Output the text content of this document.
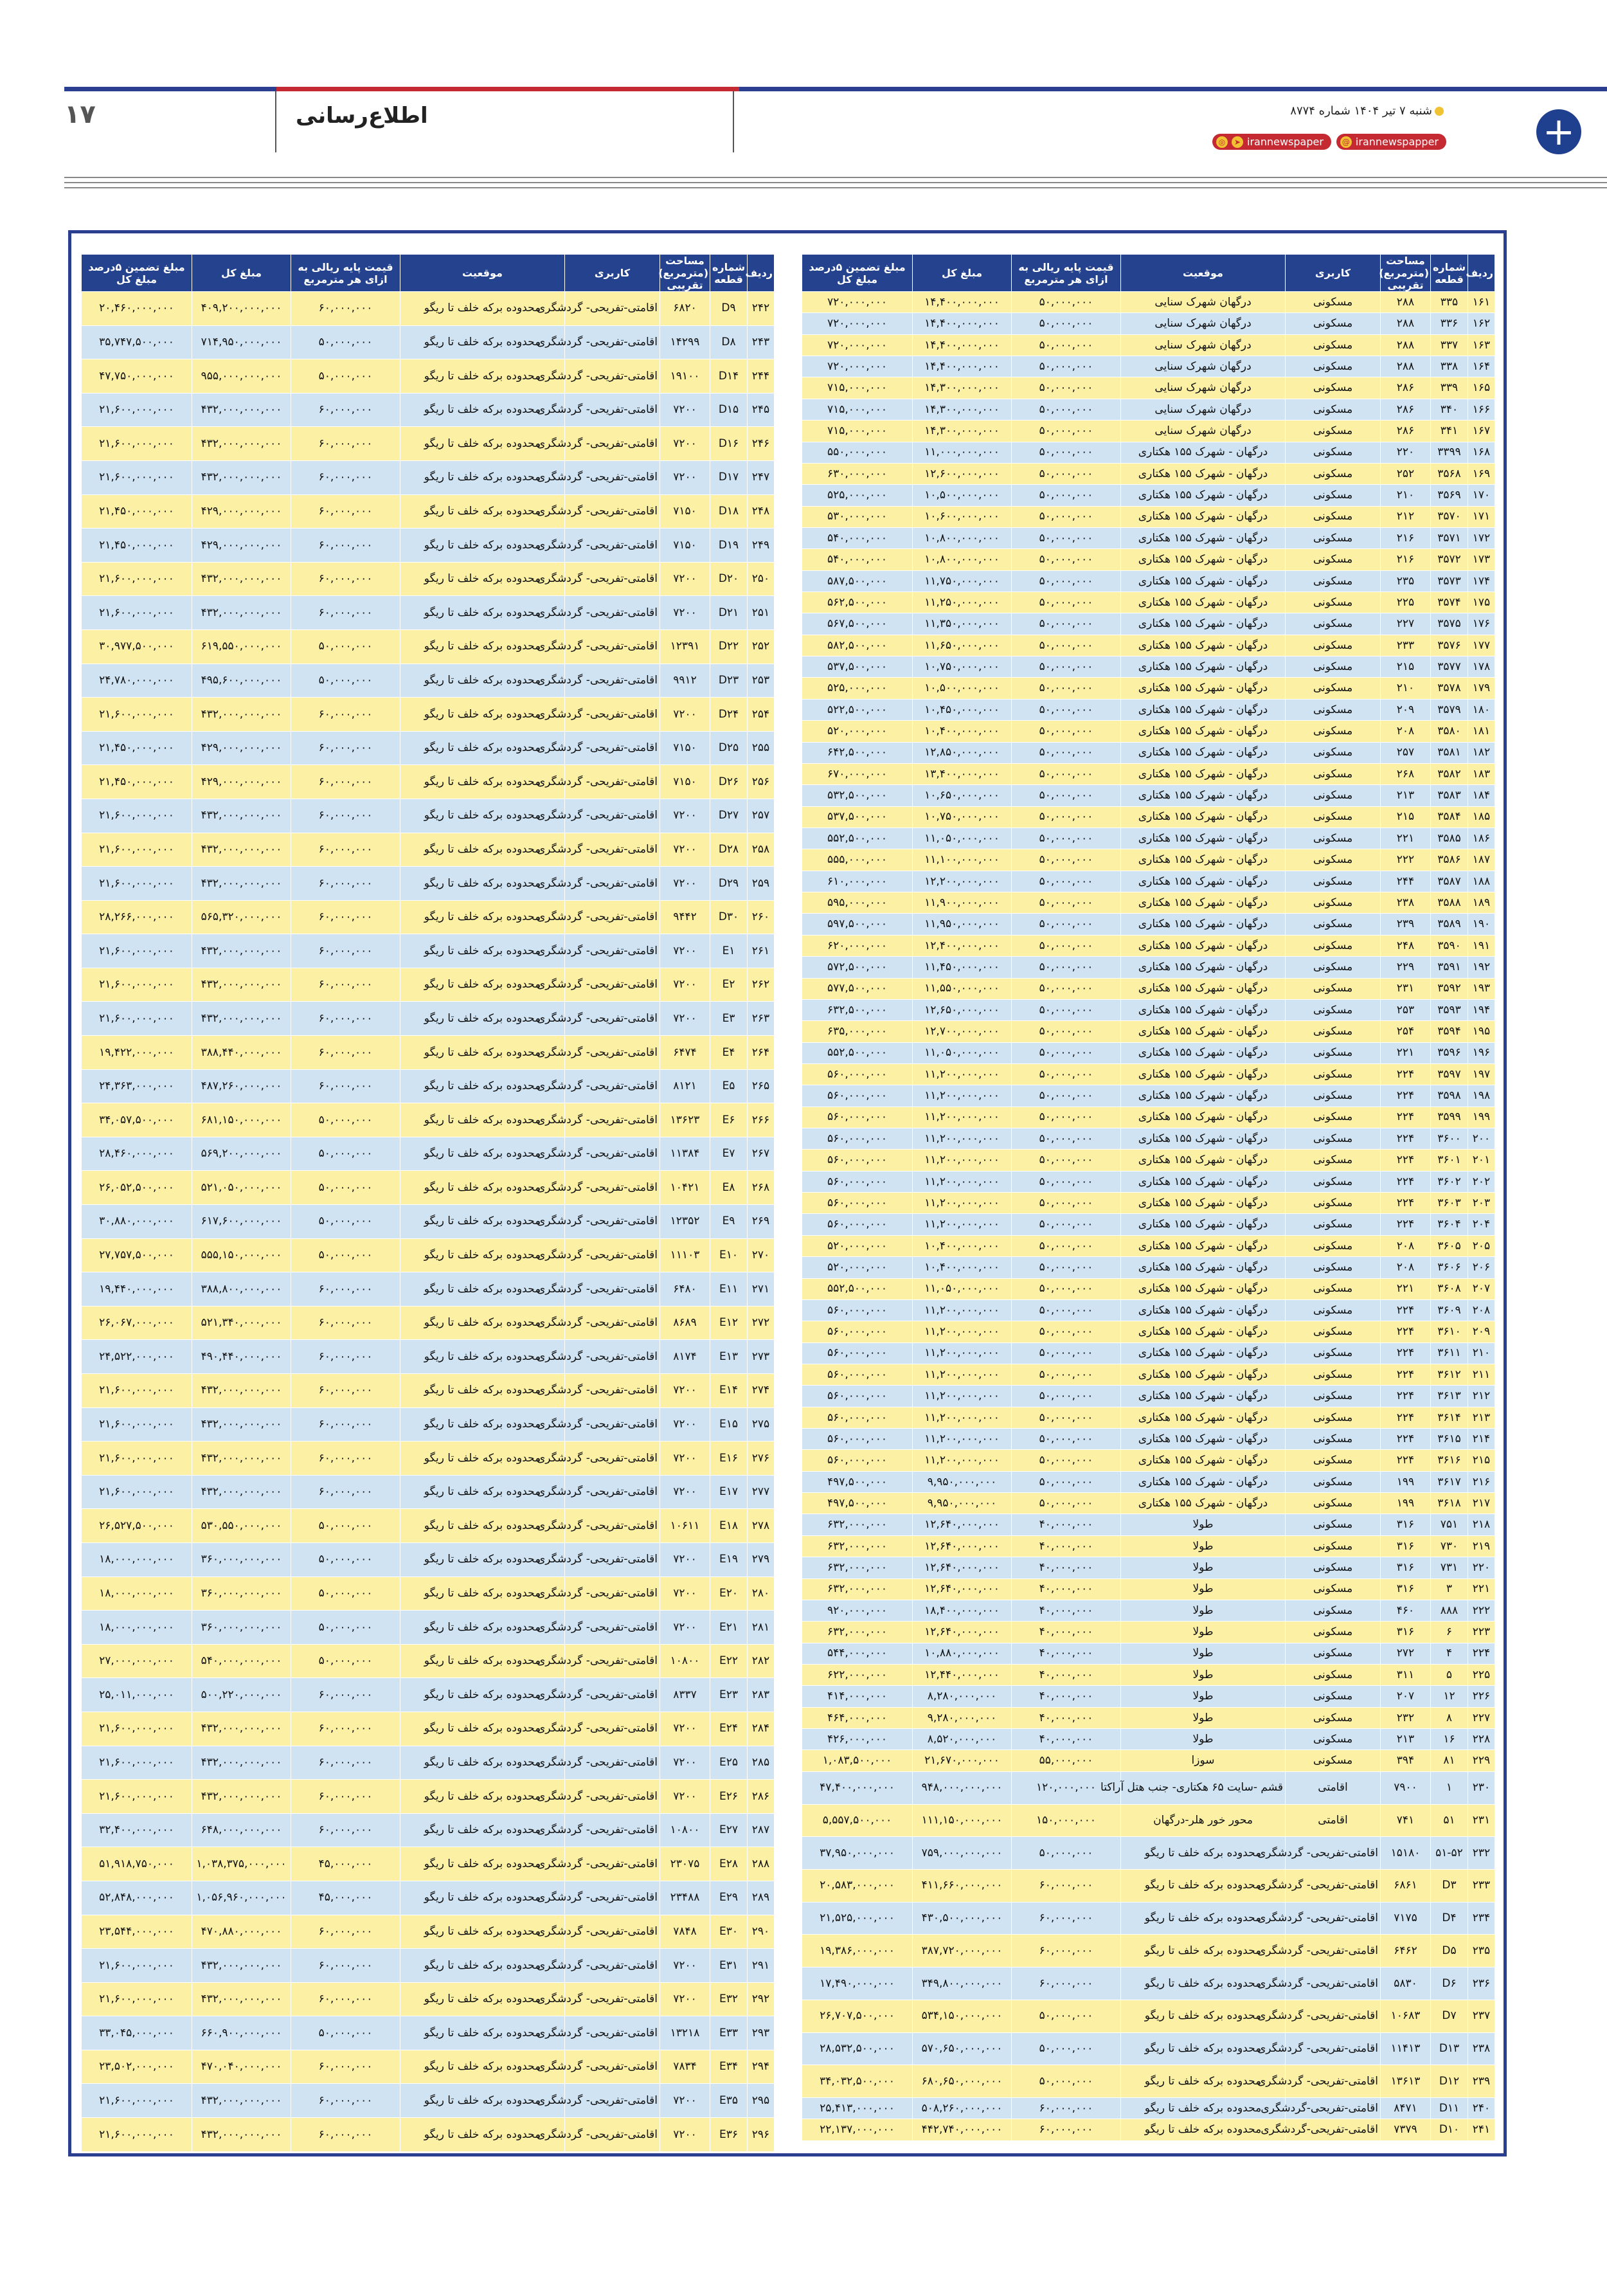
+
شنبه ۷ تیر ۱۴۰۴ شماره ۸۷۷۴
◎	➤ irannewspaper @ irannewspapper
اطلاع‌رسانی
۱۷
ردیف	شماره قطعه	مساحت (مترمربع) تقریبی	کاربری	موقعیت	قیمت پایه ریالی به ازای هر مترمربع	مبلغ کل	مبلغ تضمین ۵درصد مبلغ کل
۱۶۱	۳۳۵	۲۸۸	مسکونی	درگهان شهرک سنایی	۵۰,۰۰۰,۰۰۰	۱۴,۴۰۰,۰۰۰,۰۰۰	۷۲۰,۰۰۰,۰۰۰
۱۶۲	۳۳۶	۲۸۸	مسکونی	درگهان شهرک سنایی	۵۰,۰۰۰,۰۰۰	۱۴,۴۰۰,۰۰۰,۰۰۰	۷۲۰,۰۰۰,۰۰۰
۱۶۳	۳۳۷	۲۸۸	مسکونی	درگهان شهرک سنایی	۵۰,۰۰۰,۰۰۰	۱۴,۴۰۰,۰۰۰,۰۰۰	۷۲۰,۰۰۰,۰۰۰
۱۶۴	۳۳۸	۲۸۸	مسکونی	درگهان شهرک سنایی	۵۰,۰۰۰,۰۰۰	۱۴,۴۰۰,۰۰۰,۰۰۰	۷۲۰,۰۰۰,۰۰۰
۱۶۵	۳۳۹	۲۸۶	مسکونی	درگهان شهرک سنایی	۵۰,۰۰۰,۰۰۰	۱۴,۳۰۰,۰۰۰,۰۰۰	۷۱۵,۰۰۰,۰۰۰
۱۶۶	۳۴۰	۲۸۶	مسکونی	درگهان شهرک سنایی	۵۰,۰۰۰,۰۰۰	۱۴,۳۰۰,۰۰۰,۰۰۰	۷۱۵,۰۰۰,۰۰۰
۱۶۷	۳۴۱	۲۸۶	مسکونی	درگهان شهرک سنایی	۵۰,۰۰۰,۰۰۰	۱۴,۳۰۰,۰۰۰,۰۰۰	۷۱۵,۰۰۰,۰۰۰
۱۶۸	۳۳۹۹	۲۲۰	مسکونی	درگهان - شهرک ۱۵۵ هکتاری	۵۰,۰۰۰,۰۰۰	۱۱,۰۰۰,۰۰۰,۰۰۰	۵۵۰,۰۰۰,۰۰۰
۱۶۹	۳۵۶۸	۲۵۲	مسکونی	درگهان - شهرک ۱۵۵ هکتاری	۵۰,۰۰۰,۰۰۰	۱۲,۶۰۰,۰۰۰,۰۰۰	۶۳۰,۰۰۰,۰۰۰
۱۷۰	۳۵۶۹	۲۱۰	مسکونی	درگهان - شهرک ۱۵۵ هکتاری	۵۰,۰۰۰,۰۰۰	۱۰,۵۰۰,۰۰۰,۰۰۰	۵۲۵,۰۰۰,۰۰۰
۱۷۱	۳۵۷۰	۲۱۲	مسکونی	درگهان - شهرک ۱۵۵ هکتاری	۵۰,۰۰۰,۰۰۰	۱۰,۶۰۰,۰۰۰,۰۰۰	۵۳۰,۰۰۰,۰۰۰
۱۷۲	۳۵۷۱	۲۱۶	مسکونی	درگهان - شهرک ۱۵۵ هکتاری	۵۰,۰۰۰,۰۰۰	۱۰,۸۰۰,۰۰۰,۰۰۰	۵۴۰,۰۰۰,۰۰۰
۱۷۳	۳۵۷۲	۲۱۶	مسکونی	درگهان - شهرک ۱۵۵ هکتاری	۵۰,۰۰۰,۰۰۰	۱۰,۸۰۰,۰۰۰,۰۰۰	۵۴۰,۰۰۰,۰۰۰
۱۷۴	۳۵۷۳	۲۳۵	مسکونی	درگهان - شهرک ۱۵۵ هکتاری	۵۰,۰۰۰,۰۰۰	۱۱,۷۵۰,۰۰۰,۰۰۰	۵۸۷,۵۰۰,۰۰۰
۱۷۵	۳۵۷۴	۲۲۵	مسکونی	درگهان - شهرک ۱۵۵ هکتاری	۵۰,۰۰۰,۰۰۰	۱۱,۲۵۰,۰۰۰,۰۰۰	۵۶۲,۵۰۰,۰۰۰
۱۷۶	۳۵۷۵	۲۲۷	مسکونی	درگهان - شهرک ۱۵۵ هکتاری	۵۰,۰۰۰,۰۰۰	۱۱,۳۵۰,۰۰۰,۰۰۰	۵۶۷,۵۰۰,۰۰۰
۱۷۷	۳۵۷۶	۲۳۳	مسکونی	درگهان - شهرک ۱۵۵ هکتاری	۵۰,۰۰۰,۰۰۰	۱۱,۶۵۰,۰۰۰,۰۰۰	۵۸۲,۵۰۰,۰۰۰
۱۷۸	۳۵۷۷	۲۱۵	مسکونی	درگهان - شهرک ۱۵۵ هکتاری	۵۰,۰۰۰,۰۰۰	۱۰,۷۵۰,۰۰۰,۰۰۰	۵۳۷,۵۰۰,۰۰۰
۱۷۹	۳۵۷۸	۲۱۰	مسکونی	درگهان - شهرک ۱۵۵ هکتاری	۵۰,۰۰۰,۰۰۰	۱۰,۵۰۰,۰۰۰,۰۰۰	۵۲۵,۰۰۰,۰۰۰
۱۸۰	۳۵۷۹	۲۰۹	مسکونی	درگهان - شهرک ۱۵۵ هکتاری	۵۰,۰۰۰,۰۰۰	۱۰,۴۵۰,۰۰۰,۰۰۰	۵۲۲,۵۰۰,۰۰۰
۱۸۱	۳۵۸۰	۲۰۸	مسکونی	درگهان - شهرک ۱۵۵ هکتاری	۵۰,۰۰۰,۰۰۰	۱۰,۴۰۰,۰۰۰,۰۰۰	۵۲۰,۰۰۰,۰۰۰
۱۸۲	۳۵۸۱	۲۵۷	مسکونی	درگهان - شهرک ۱۵۵ هکتاری	۵۰,۰۰۰,۰۰۰	۱۲,۸۵۰,۰۰۰,۰۰۰	۶۴۲,۵۰۰,۰۰۰
۱۸۳	۳۵۸۲	۲۶۸	مسکونی	درگهان - شهرک ۱۵۵ هکتاری	۵۰,۰۰۰,۰۰۰	۱۳,۴۰۰,۰۰۰,۰۰۰	۶۷۰,۰۰۰,۰۰۰
۱۸۴	۳۵۸۳	۲۱۳	مسکونی	درگهان - شهرک ۱۵۵ هکتاری	۵۰,۰۰۰,۰۰۰	۱۰,۶۵۰,۰۰۰,۰۰۰	۵۳۲,۵۰۰,۰۰۰
۱۸۵	۳۵۸۴	۲۱۵	مسکونی	درگهان - شهرک ۱۵۵ هکتاری	۵۰,۰۰۰,۰۰۰	۱۰,۷۵۰,۰۰۰,۰۰۰	۵۳۷,۵۰۰,۰۰۰
۱۸۶	۳۵۸۵	۲۲۱	مسکونی	درگهان - شهرک ۱۵۵ هکتاری	۵۰,۰۰۰,۰۰۰	۱۱,۰۵۰,۰۰۰,۰۰۰	۵۵۲,۵۰۰,۰۰۰
۱۸۷	۳۵۸۶	۲۲۲	مسکونی	درگهان - شهرک ۱۵۵ هکتاری	۵۰,۰۰۰,۰۰۰	۱۱,۱۰۰,۰۰۰,۰۰۰	۵۵۵,۰۰۰,۰۰۰
۱۸۸	۳۵۸۷	۲۴۴	مسکونی	درگهان - شهرک ۱۵۵ هکتاری	۵۰,۰۰۰,۰۰۰	۱۲,۲۰۰,۰۰۰,۰۰۰	۶۱۰,۰۰۰,۰۰۰
۱۸۹	۳۵۸۸	۲۳۸	مسکونی	درگهان - شهرک ۱۵۵ هکتاری	۵۰,۰۰۰,۰۰۰	۱۱,۹۰۰,۰۰۰,۰۰۰	۵۹۵,۰۰۰,۰۰۰
۱۹۰	۳۵۸۹	۲۳۹	مسکونی	درگهان - شهرک ۱۵۵ هکتاری	۵۰,۰۰۰,۰۰۰	۱۱,۹۵۰,۰۰۰,۰۰۰	۵۹۷,۵۰۰,۰۰۰
۱۹۱	۳۵۹۰	۲۴۸	مسکونی	درگهان - شهرک ۱۵۵ هکتاری	۵۰,۰۰۰,۰۰۰	۱۲,۴۰۰,۰۰۰,۰۰۰	۶۲۰,۰۰۰,۰۰۰
۱۹۲	۳۵۹۱	۲۲۹	مسکونی	درگهان - شهرک ۱۵۵ هکتاری	۵۰,۰۰۰,۰۰۰	۱۱,۴۵۰,۰۰۰,۰۰۰	۵۷۲,۵۰۰,۰۰۰
۱۹۳	۳۵۹۲	۲۳۱	مسکونی	درگهان - شهرک ۱۵۵ هکتاری	۵۰,۰۰۰,۰۰۰	۱۱,۵۵۰,۰۰۰,۰۰۰	۵۷۷,۵۰۰,۰۰۰
۱۹۴	۳۵۹۳	۲۵۳	مسکونی	درگهان - شهرک ۱۵۵ هکتاری	۵۰,۰۰۰,۰۰۰	۱۲,۶۵۰,۰۰۰,۰۰۰	۶۳۲,۵۰۰,۰۰۰
۱۹۵	۳۵۹۴	۲۵۴	مسکونی	درگهان - شهرک ۱۵۵ هکتاری	۵۰,۰۰۰,۰۰۰	۱۲,۷۰۰,۰۰۰,۰۰۰	۶۳۵,۰۰۰,۰۰۰
۱۹۶	۳۵۹۶	۲۲۱	مسکونی	درگهان - شهرک ۱۵۵ هکتاری	۵۰,۰۰۰,۰۰۰	۱۱,۰۵۰,۰۰۰,۰۰۰	۵۵۲,۵۰۰,۰۰۰
۱۹۷	۳۵۹۷	۲۲۴	مسکونی	درگهان - شهرک ۱۵۵ هکتاری	۵۰,۰۰۰,۰۰۰	۱۱,۲۰۰,۰۰۰,۰۰۰	۵۶۰,۰۰۰,۰۰۰
۱۹۸	۳۵۹۸	۲۲۴	مسکونی	درگهان - شهرک ۱۵۵ هکتاری	۵۰,۰۰۰,۰۰۰	۱۱,۲۰۰,۰۰۰,۰۰۰	۵۶۰,۰۰۰,۰۰۰
۱۹۹	۳۵۹۹	۲۲۴	مسکونی	درگهان - شهرک ۱۵۵ هکتاری	۵۰,۰۰۰,۰۰۰	۱۱,۲۰۰,۰۰۰,۰۰۰	۵۶۰,۰۰۰,۰۰۰
۲۰۰	۳۶۰۰	۲۲۴	مسکونی	درگهان - شهرک ۱۵۵ هکتاری	۵۰,۰۰۰,۰۰۰	۱۱,۲۰۰,۰۰۰,۰۰۰	۵۶۰,۰۰۰,۰۰۰
۲۰۱	۳۶۰۱	۲۲۴	مسکونی	درگهان - شهرک ۱۵۵ هکتاری	۵۰,۰۰۰,۰۰۰	۱۱,۲۰۰,۰۰۰,۰۰۰	۵۶۰,۰۰۰,۰۰۰
۲۰۲	۳۶۰۲	۲۲۴	مسکونی	درگهان - شهرک ۱۵۵ هکتاری	۵۰,۰۰۰,۰۰۰	۱۱,۲۰۰,۰۰۰,۰۰۰	۵۶۰,۰۰۰,۰۰۰
۲۰۳	۳۶۰۳	۲۲۴	مسکونی	درگهان - شهرک ۱۵۵ هکتاری	۵۰,۰۰۰,۰۰۰	۱۱,۲۰۰,۰۰۰,۰۰۰	۵۶۰,۰۰۰,۰۰۰
۲۰۴	۳۶۰۴	۲۲۴	مسکونی	درگهان - شهرک ۱۵۵ هکتاری	۵۰,۰۰۰,۰۰۰	۱۱,۲۰۰,۰۰۰,۰۰۰	۵۶۰,۰۰۰,۰۰۰
۲۰۵	۳۶۰۵	۲۰۸	مسکونی	درگهان - شهرک ۱۵۵ هکتاری	۵۰,۰۰۰,۰۰۰	۱۰,۴۰۰,۰۰۰,۰۰۰	۵۲۰,۰۰۰,۰۰۰
۲۰۶	۳۶۰۶	۲۰۸	مسکونی	درگهان - شهرک ۱۵۵ هکتاری	۵۰,۰۰۰,۰۰۰	۱۰,۴۰۰,۰۰۰,۰۰۰	۵۲۰,۰۰۰,۰۰۰
۲۰۷	۳۶۰۸	۲۲۱	مسکونی	درگهان - شهرک ۱۵۵ هکتاری	۵۰,۰۰۰,۰۰۰	۱۱,۰۵۰,۰۰۰,۰۰۰	۵۵۲,۵۰۰,۰۰۰
۲۰۸	۳۶۰۹	۲۲۴	مسکونی	درگهان - شهرک ۱۵۵ هکتاری	۵۰,۰۰۰,۰۰۰	۱۱,۲۰۰,۰۰۰,۰۰۰	۵۶۰,۰۰۰,۰۰۰
۲۰۹	۳۶۱۰	۲۲۴	مسکونی	درگهان - شهرک ۱۵۵ هکتاری	۵۰,۰۰۰,۰۰۰	۱۱,۲۰۰,۰۰۰,۰۰۰	۵۶۰,۰۰۰,۰۰۰
۲۱۰	۳۶۱۱	۲۲۴	مسکونی	درگهان - شهرک ۱۵۵ هکتاری	۵۰,۰۰۰,۰۰۰	۱۱,۲۰۰,۰۰۰,۰۰۰	۵۶۰,۰۰۰,۰۰۰
۲۱۱	۳۶۱۲	۲۲۴	مسکونی	درگهان - شهرک ۱۵۵ هکتاری	۵۰,۰۰۰,۰۰۰	۱۱,۲۰۰,۰۰۰,۰۰۰	۵۶۰,۰۰۰,۰۰۰
۲۱۲	۳۶۱۳	۲۲۴	مسکونی	درگهان - شهرک ۱۵۵ هکتاری	۵۰,۰۰۰,۰۰۰	۱۱,۲۰۰,۰۰۰,۰۰۰	۵۶۰,۰۰۰,۰۰۰
۲۱۳	۳۶۱۴	۲۲۴	مسکونی	درگهان - شهرک ۱۵۵ هکتاری	۵۰,۰۰۰,۰۰۰	۱۱,۲۰۰,۰۰۰,۰۰۰	۵۶۰,۰۰۰,۰۰۰
۲۱۴	۳۶۱۵	۲۲۴	مسکونی	درگهان - شهرک ۱۵۵ هکتاری	۵۰,۰۰۰,۰۰۰	۱۱,۲۰۰,۰۰۰,۰۰۰	۵۶۰,۰۰۰,۰۰۰
۲۱۵	۳۶۱۶	۲۲۴	مسکونی	درگهان - شهرک ۱۵۵ هکتاری	۵۰,۰۰۰,۰۰۰	۱۱,۲۰۰,۰۰۰,۰۰۰	۵۶۰,۰۰۰,۰۰۰
۲۱۶	۳۶۱۷	۱۹۹	مسکونی	درگهان - شهرک ۱۵۵ هکتاری	۵۰,۰۰۰,۰۰۰	۹,۹۵۰,۰۰۰,۰۰۰	۴۹۷,۵۰۰,۰۰۰
۲۱۷	۳۶۱۸	۱۹۹	مسکونی	درگهان - شهرک ۱۵۵ هکتاری	۵۰,۰۰۰,۰۰۰	۹,۹۵۰,۰۰۰,۰۰۰	۴۹۷,۵۰۰,۰۰۰
۲۱۸	۷۵۱	۳۱۶	مسکونی	طولا	۴۰,۰۰۰,۰۰۰	۱۲,۶۴۰,۰۰۰,۰۰۰	۶۳۲,۰۰۰,۰۰۰
۲۱۹	۷۳۰	۳۱۶	مسکونی	طولا	۴۰,۰۰۰,۰۰۰	۱۲,۶۴۰,۰۰۰,۰۰۰	۶۳۲,۰۰۰,۰۰۰
۲۲۰	۷۳۱	۳۱۶	مسکونی	طولا	۴۰,۰۰۰,۰۰۰	۱۲,۶۴۰,۰۰۰,۰۰۰	۶۳۲,۰۰۰,۰۰۰
۲۲۱	۳	۳۱۶	مسکونی	طولا	۴۰,۰۰۰,۰۰۰	۱۲,۶۴۰,۰۰۰,۰۰۰	۶۳۲,۰۰۰,۰۰۰
۲۲۲	۸۸۸	۴۶۰	مسکونی	طولا	۴۰,۰۰۰,۰۰۰	۱۸,۴۰۰,۰۰۰,۰۰۰	۹۲۰,۰۰۰,۰۰۰
۲۲۳	۶	۳۱۶	مسکونی	طولا	۴۰,۰۰۰,۰۰۰	۱۲,۶۴۰,۰۰۰,۰۰۰	۶۳۲,۰۰۰,۰۰۰
۲۲۴	۴	۲۷۲	مسکونی	طولا	۴۰,۰۰۰,۰۰۰	۱۰,۸۸۰,۰۰۰,۰۰۰	۵۴۴,۰۰۰,۰۰۰
۲۲۵	۵	۳۱۱	مسکونی	طولا	۴۰,۰۰۰,۰۰۰	۱۲,۴۴۰,۰۰۰,۰۰۰	۶۲۲,۰۰۰,۰۰۰
۲۲۶	۱۲	۲۰۷	مسکونی	طولا	۴۰,۰۰۰,۰۰۰	۸,۲۸۰,۰۰۰,۰۰۰	۴۱۴,۰۰۰,۰۰۰
۲۲۷	۸	۲۳۲	مسکونی	طولا	۴۰,۰۰۰,۰۰۰	۹,۲۸۰,۰۰۰,۰۰۰	۴۶۴,۰۰۰,۰۰۰
۲۲۸	۱۶	۲۱۳	مسکونی	طولا	۴۰,۰۰۰,۰۰۰	۸,۵۲۰,۰۰۰,۰۰۰	۴۲۶,۰۰۰,۰۰۰
۲۲۹	۸۱	۳۹۴	مسکونی	سوزا	۵۵,۰۰۰,۰۰۰	۲۱,۶۷۰,۰۰۰,۰۰۰	۱,۰۸۳,۵۰۰,۰۰۰
۲۳۰	۱	۷۹۰۰	اقامتی	قشم -سایت ۶۵ هکتاری- جنب هتل آراکتا	۱۲۰,۰۰۰,۰۰۰	۹۴۸,۰۰۰,۰۰۰,۰۰۰	۴۷,۴۰۰,۰۰۰,۰۰۰
۲۳۱	۵۱	۷۴۱	اقامتی	محور خور هلر-درگهان	۱۵۰,۰۰۰,۰۰۰	۱۱۱,۱۵۰,۰۰۰,۰۰۰	۵,۵۵۷,۵۰۰,۰۰۰
۲۳۲	۵۱-۵۲	۱۵۱۸۰	اقامتی-تفریحی- گردشگری	محدوده برکه خلف تا ریگو	۵۰,۰۰۰,۰۰۰	۷۵۹,۰۰۰,۰۰۰,۰۰۰	۳۷,۹۵۰,۰۰۰,۰۰۰
۲۳۳	D۳	۶۸۶۱	اقامتی-تفریحی- گردشگری	محدوده برکه خلف تا ریگو	۶۰,۰۰۰,۰۰۰	۴۱۱,۶۶۰,۰۰۰,۰۰۰	۲۰,۵۸۳,۰۰۰,۰۰۰
۲۳۴	D۴	۷۱۷۵	اقامتی-تفریحی- گردشگری	محدوده برکه خلف تا ریگو	۶۰,۰۰۰,۰۰۰	۴۳۰,۵۰۰,۰۰۰,۰۰۰	۲۱,۵۲۵,۰۰۰,۰۰۰
۲۳۵	D۵	۶۴۶۲	اقامتی-تفریحی- گردشگری	محدوده برکه خلف تا ریگو	۶۰,۰۰۰,۰۰۰	۳۸۷,۷۲۰,۰۰۰,۰۰۰	۱۹,۳۸۶,۰۰۰,۰۰۰
۲۳۶	D۶	۵۸۳۰	اقامتی-تفریحی- گردشگری	محدوده برکه خلف تا ریگو	۶۰,۰۰۰,۰۰۰	۳۴۹,۸۰۰,۰۰۰,۰۰۰	۱۷,۴۹۰,۰۰۰,۰۰۰
۲۳۷	D۷	۱۰۶۸۳	اقامتی-تفریحی- گردشگری	محدوده برکه خلف تا ریگو	۵۰,۰۰۰,۰۰۰	۵۳۴,۱۵۰,۰۰۰,۰۰۰	۲۶,۷۰۷,۵۰۰,۰۰۰
۲۳۸	D۱۳	۱۱۴۱۳	اقامتی-تفریحی- گردشگری	محدوده برکه خلف تا ریگو	۵۰,۰۰۰,۰۰۰	۵۷۰,۶۵۰,۰۰۰,۰۰۰	۲۸,۵۳۲,۵۰۰,۰۰۰
۲۳۹	D۱۲	۱۳۶۱۳	اقامتی-تفریحی- گردشگری	محدوده برکه خلف تا ریگو	۵۰,۰۰۰,۰۰۰	۶۸۰,۶۵۰,۰۰۰,۰۰۰	۳۴,۰۳۲,۵۰۰,۰۰۰
۲۴۰	D۱۱	۸۴۷۱	اقامتی-تفریحی-گردشگری	محدوده برکه خلف تا ریگو	۶۰,۰۰۰,۰۰۰	۵۰۸,۲۶۰,۰۰۰,۰۰۰	۲۵,۴۱۳,۰۰۰,۰۰۰
۲۴۱	D۱۰	۷۳۷۹	اقامتی-تفریحی-گردشگری	محدوده برکه خلف تا ریگو	۶۰,۰۰۰,۰۰۰	۴۴۲,۷۴۰,۰۰۰,۰۰۰	۲۲,۱۳۷,۰۰۰,۰۰۰
ردیف	شماره قطعه	مساحت (مترمربع) تقریبی	کاربری	موقعیت	قیمت پایه ریالی به ازای هر مترمربع	مبلغ کل	مبلغ تضمین ۵درصد مبلغ کل
۲۴۲	D۹	۶۸۲۰	اقامتی-تفریحی- گردشگری	محدوده برکه خلف تا ریگو	۶۰,۰۰۰,۰۰۰	۴۰۹,۲۰۰,۰۰۰,۰۰۰	۲۰,۴۶۰,۰۰۰,۰۰۰
۲۴۳	D۸	۱۴۲۹۹	اقامتی-تفریحی- گردشگری	محدوده برکه خلف تا ریگو	۵۰,۰۰۰,۰۰۰	۷۱۴,۹۵۰,۰۰۰,۰۰۰	۳۵,۷۴۷,۵۰۰,۰۰۰
۲۴۴	D۱۴	۱۹۱۰۰	اقامتی-تفریحی- گردشگری	محدوده برکه خلف تا ریگو	۵۰,۰۰۰,۰۰۰	۹۵۵,۰۰۰,۰۰۰,۰۰۰	۴۷,۷۵۰,۰۰۰,۰۰۰
۲۴۵	D۱۵	۷۲۰۰	اقامتی-تفریحی- گردشگری	محدوده برکه خلف تا ریگو	۶۰,۰۰۰,۰۰۰	۴۳۲,۰۰۰,۰۰۰,۰۰۰	۲۱,۶۰۰,۰۰۰,۰۰۰
۲۴۶	D۱۶	۷۲۰۰	اقامتی-تفریحی- گردشگری	محدوده برکه خلف تا ریگو	۶۰,۰۰۰,۰۰۰	۴۳۲,۰۰۰,۰۰۰,۰۰۰	۲۱,۶۰۰,۰۰۰,۰۰۰
۲۴۷	D۱۷	۷۲۰۰	اقامتی-تفریحی- گردشگری	محدوده برکه خلف تا ریگو	۶۰,۰۰۰,۰۰۰	۴۳۲,۰۰۰,۰۰۰,۰۰۰	۲۱,۶۰۰,۰۰۰,۰۰۰
۲۴۸	D۱۸	۷۱۵۰	اقامتی-تفریحی- گردشگری	محدوده برکه خلف تا ریگو	۶۰,۰۰۰,۰۰۰	۴۲۹,۰۰۰,۰۰۰,۰۰۰	۲۱,۴۵۰,۰۰۰,۰۰۰
۲۴۹	D۱۹	۷۱۵۰	اقامتی-تفریحی- گردشگری	محدوده برکه خلف تا ریگو	۶۰,۰۰۰,۰۰۰	۴۲۹,۰۰۰,۰۰۰,۰۰۰	۲۱,۴۵۰,۰۰۰,۰۰۰
۲۵۰	D۲۰	۷۲۰۰	اقامتی-تفریحی- گردشگری	محدوده برکه خلف تا ریگو	۶۰,۰۰۰,۰۰۰	۴۳۲,۰۰۰,۰۰۰,۰۰۰	۲۱,۶۰۰,۰۰۰,۰۰۰
۲۵۱	D۲۱	۷۲۰۰	اقامتی-تفریحی- گردشگری	محدوده برکه خلف تا ریگو	۶۰,۰۰۰,۰۰۰	۴۳۲,۰۰۰,۰۰۰,۰۰۰	۲۱,۶۰۰,۰۰۰,۰۰۰
۲۵۲	D۲۲	۱۲۳۹۱	اقامتی-تفریحی- گردشگری	محدوده برکه خلف تا ریگو	۵۰,۰۰۰,۰۰۰	۶۱۹,۵۵۰,۰۰۰,۰۰۰	۳۰,۹۷۷,۵۰۰,۰۰۰
۲۵۳	D۲۳	۹۹۱۲	اقامتی-تفریحی- گردشگری	محدوده برکه خلف تا ریگو	۵۰,۰۰۰,۰۰۰	۴۹۵,۶۰۰,۰۰۰,۰۰۰	۲۴,۷۸۰,۰۰۰,۰۰۰
۲۵۴	D۲۴	۷۲۰۰	اقامتی-تفریحی- گردشگری	محدوده برکه خلف تا ریگو	۶۰,۰۰۰,۰۰۰	۴۳۲,۰۰۰,۰۰۰,۰۰۰	۲۱,۶۰۰,۰۰۰,۰۰۰
۲۵۵	D۲۵	۷۱۵۰	اقامتی-تفریحی- گردشگری	محدوده برکه خلف تا ریگو	۶۰,۰۰۰,۰۰۰	۴۲۹,۰۰۰,۰۰۰,۰۰۰	۲۱,۴۵۰,۰۰۰,۰۰۰
۲۵۶	D۲۶	۷۱۵۰	اقامتی-تفریحی- گردشگری	محدوده برکه خلف تا ریگو	۶۰,۰۰۰,۰۰۰	۴۲۹,۰۰۰,۰۰۰,۰۰۰	۲۱,۴۵۰,۰۰۰,۰۰۰
۲۵۷	D۲۷	۷۲۰۰	اقامتی-تفریحی- گردشگری	محدوده برکه خلف تا ریگو	۶۰,۰۰۰,۰۰۰	۴۳۲,۰۰۰,۰۰۰,۰۰۰	۲۱,۶۰۰,۰۰۰,۰۰۰
۲۵۸	D۲۸	۷۲۰۰	اقامتی-تفریحی- گردشگری	محدوده برکه خلف تا ریگو	۶۰,۰۰۰,۰۰۰	۴۳۲,۰۰۰,۰۰۰,۰۰۰	۲۱,۶۰۰,۰۰۰,۰۰۰
۲۵۹	D۲۹	۷۲۰۰	اقامتی-تفریحی- گردشگری	محدوده برکه خلف تا ریگو	۶۰,۰۰۰,۰۰۰	۴۳۲,۰۰۰,۰۰۰,۰۰۰	۲۱,۶۰۰,۰۰۰,۰۰۰
۲۶۰	D۳۰	۹۴۴۲	اقامتی-تفریحی- گردشگری	محدوده برکه خلف تا ریگو	۶۰,۰۰۰,۰۰۰	۵۶۵,۳۲۰,۰۰۰,۰۰۰	۲۸,۲۶۶,۰۰۰,۰۰۰
۲۶۱	E۱	۷۲۰۰	اقامتی-تفریحی- گردشگری	محدوده برکه خلف تا ریگو	۶۰,۰۰۰,۰۰۰	۴۳۲,۰۰۰,۰۰۰,۰۰۰	۲۱,۶۰۰,۰۰۰,۰۰۰
۲۶۲	E۲	۷۲۰۰	اقامتی-تفریحی- گردشگری	محدوده برکه خلف تا ریگو	۶۰,۰۰۰,۰۰۰	۴۳۲,۰۰۰,۰۰۰,۰۰۰	۲۱,۶۰۰,۰۰۰,۰۰۰
۲۶۳	E۳	۷۲۰۰	اقامتی-تفریحی- گردشگری	محدوده برکه خلف تا ریگو	۶۰,۰۰۰,۰۰۰	۴۳۲,۰۰۰,۰۰۰,۰۰۰	۲۱,۶۰۰,۰۰۰,۰۰۰
۲۶۴	E۴	۶۴۷۴	اقامتی-تفریحی- گردشگری	محدوده برکه خلف تا ریگو	۶۰,۰۰۰,۰۰۰	۳۸۸,۴۴۰,۰۰۰,۰۰۰	۱۹,۴۲۲,۰۰۰,۰۰۰
۲۶۵	E۵	۸۱۲۱	اقامتی-تفریحی- گردشگری	محدوده برکه خلف تا ریگو	۶۰,۰۰۰,۰۰۰	۴۸۷,۲۶۰,۰۰۰,۰۰۰	۲۴,۳۶۳,۰۰۰,۰۰۰
۲۶۶	E۶	۱۳۶۲۳	اقامتی-تفریحی- گردشگری	محدوده برکه خلف تا ریگو	۵۰,۰۰۰,۰۰۰	۶۸۱,۱۵۰,۰۰۰,۰۰۰	۳۴,۰۵۷,۵۰۰,۰۰۰
۲۶۷	E۷	۱۱۳۸۴	اقامتی-تفریحی- گردشگری	محدوده برکه خلف تا ریگو	۵۰,۰۰۰,۰۰۰	۵۶۹,۲۰۰,۰۰۰,۰۰۰	۲۸,۴۶۰,۰۰۰,۰۰۰
۲۶۸	E۸	۱۰۴۲۱	اقامتی-تفریحی- گردشگری	محدوده برکه خلف تا ریگو	۵۰,۰۰۰,۰۰۰	۵۲۱,۰۵۰,۰۰۰,۰۰۰	۲۶,۰۵۲,۵۰۰,۰۰۰
۲۶۹	E۹	۱۲۳۵۲	اقامتی-تفریحی- گردشگری	محدوده برکه خلف تا ریگو	۵۰,۰۰۰,۰۰۰	۶۱۷,۶۰۰,۰۰۰,۰۰۰	۳۰,۸۸۰,۰۰۰,۰۰۰
۲۷۰	E۱۰	۱۱۱۰۳	اقامتی-تفریحی- گردشگری	محدوده برکه خلف تا ریگو	۵۰,۰۰۰,۰۰۰	۵۵۵,۱۵۰,۰۰۰,۰۰۰	۲۷,۷۵۷,۵۰۰,۰۰۰
۲۷۱	E۱۱	۶۴۸۰	اقامتی-تفریحی- گردشگری	محدوده برکه خلف تا ریگو	۶۰,۰۰۰,۰۰۰	۳۸۸,۸۰۰,۰۰۰,۰۰۰	۱۹,۴۴۰,۰۰۰,۰۰۰
۲۷۲	E۱۲	۸۶۸۹	اقامتی-تفریحی- گردشگری	محدوده برکه خلف تا ریگو	۶۰,۰۰۰,۰۰۰	۵۲۱,۳۴۰,۰۰۰,۰۰۰	۲۶,۰۶۷,۰۰۰,۰۰۰
۲۷۳	E۱۳	۸۱۷۴	اقامتی-تفریحی- گردشگری	محدوده برکه خلف تا ریگو	۶۰,۰۰۰,۰۰۰	۴۹۰,۴۴۰,۰۰۰,۰۰۰	۲۴,۵۲۲,۰۰۰,۰۰۰
۲۷۴	E۱۴	۷۲۰۰	اقامتی-تفریحی- گردشگری	محدوده برکه خلف تا ریگو	۶۰,۰۰۰,۰۰۰	۴۳۲,۰۰۰,۰۰۰,۰۰۰	۲۱,۶۰۰,۰۰۰,۰۰۰
۲۷۵	E۱۵	۷۲۰۰	اقامتی-تفریحی- گردشگری	محدوده برکه خلف تا ریگو	۶۰,۰۰۰,۰۰۰	۴۳۲,۰۰۰,۰۰۰,۰۰۰	۲۱,۶۰۰,۰۰۰,۰۰۰
۲۷۶	E۱۶	۷۲۰۰	اقامتی-تفریحی- گردشگری	محدوده برکه خلف تا ریگو	۶۰,۰۰۰,۰۰۰	۴۳۲,۰۰۰,۰۰۰,۰۰۰	۲۱,۶۰۰,۰۰۰,۰۰۰
۲۷۷	E۱۷	۷۲۰۰	اقامتی-تفریحی- گردشگری	محدوده برکه خلف تا ریگو	۶۰,۰۰۰,۰۰۰	۴۳۲,۰۰۰,۰۰۰,۰۰۰	۲۱,۶۰۰,۰۰۰,۰۰۰
۲۷۸	E۱۸	۱۰۶۱۱	اقامتی-تفریحی- گردشگری	محدوده برکه خلف تا ریگو	۵۰,۰۰۰,۰۰۰	۵۳۰,۵۵۰,۰۰۰,۰۰۰	۲۶,۵۲۷,۵۰۰,۰۰۰
۲۷۹	E۱۹	۷۲۰۰	اقامتی-تفریحی- گردشگری	محدوده برکه خلف تا ریگو	۵۰,۰۰۰,۰۰۰	۳۶۰,۰۰۰,۰۰۰,۰۰۰	۱۸,۰۰۰,۰۰۰,۰۰۰
۲۸۰	E۲۰	۷۲۰۰	اقامتی-تفریحی- گردشگری	محدوده برکه خلف تا ریگو	۵۰,۰۰۰,۰۰۰	۳۶۰,۰۰۰,۰۰۰,۰۰۰	۱۸,۰۰۰,۰۰۰,۰۰۰
۲۸۱	E۲۱	۷۲۰۰	اقامتی-تفریحی- گردشگری	محدوده برکه خلف تا ریگو	۵۰,۰۰۰,۰۰۰	۳۶۰,۰۰۰,۰۰۰,۰۰۰	۱۸,۰۰۰,۰۰۰,۰۰۰
۲۸۲	E۲۲	۱۰۸۰۰	اقامتی-تفریحی- گردشگری	محدوده برکه خلف تا ریگو	۵۰,۰۰۰,۰۰۰	۵۴۰,۰۰۰,۰۰۰,۰۰۰	۲۷,۰۰۰,۰۰۰,۰۰۰
۲۸۳	E۲۳	۸۳۳۷	اقامتی-تفریحی- گردشگری	محدوده برکه خلف تا ریگو	۶۰,۰۰۰,۰۰۰	۵۰۰,۲۲۰,۰۰۰,۰۰۰	۲۵,۰۱۱,۰۰۰,۰۰۰
۲۸۴	E۲۴	۷۲۰۰	اقامتی-تفریحی- گردشگری	محدوده برکه خلف تا ریگو	۶۰,۰۰۰,۰۰۰	۴۳۲,۰۰۰,۰۰۰,۰۰۰	۲۱,۶۰۰,۰۰۰,۰۰۰
۲۸۵	E۲۵	۷۲۰۰	اقامتی-تفریحی- گردشگری	محدوده برکه خلف تا ریگو	۶۰,۰۰۰,۰۰۰	۴۳۲,۰۰۰,۰۰۰,۰۰۰	۲۱,۶۰۰,۰۰۰,۰۰۰
۲۸۶	E۲۶	۷۲۰۰	اقامتی-تفریحی- گردشگری	محدوده برکه خلف تا ریگو	۶۰,۰۰۰,۰۰۰	۴۳۲,۰۰۰,۰۰۰,۰۰۰	۲۱,۶۰۰,۰۰۰,۰۰۰
۲۸۷	E۲۷	۱۰۸۰۰	اقامتی-تفریحی- گردشگری	محدوده برکه خلف تا ریگو	۶۰,۰۰۰,۰۰۰	۶۴۸,۰۰۰,۰۰۰,۰۰۰	۳۲,۴۰۰,۰۰۰,۰۰۰
۲۸۸	E۲۸	۲۳۰۷۵	اقامتی-تفریحی- گردشگری	محدوده برکه خلف تا ریگو	۴۵,۰۰۰,۰۰۰	۱,۰۳۸,۳۷۵,۰۰۰,۰۰۰	۵۱,۹۱۸,۷۵۰,۰۰۰
۲۸۹	E۲۹	۲۳۴۸۸	اقامتی-تفریحی- گردشگری	محدوده برکه خلف تا ریگو	۴۵,۰۰۰,۰۰۰	۱,۰۵۶,۹۶۰,۰۰۰,۰۰۰	۵۲,۸۴۸,۰۰۰,۰۰۰
۲۹۰	E۳۰	۷۸۴۸	اقامتی-تفریحی- گردشگری	محدوده برکه خلف تا ریگو	۶۰,۰۰۰,۰۰۰	۴۷۰,۸۸۰,۰۰۰,۰۰۰	۲۳,۵۴۴,۰۰۰,۰۰۰
۲۹۱	E۳۱	۷۲۰۰	اقامتی-تفریحی- گردشگری	محدوده برکه خلف تا ریگو	۶۰,۰۰۰,۰۰۰	۴۳۲,۰۰۰,۰۰۰,۰۰۰	۲۱,۶۰۰,۰۰۰,۰۰۰
۲۹۲	E۳۲	۷۲۰۰	اقامتی-تفریحی- گردشگری	محدوده برکه خلف تا ریگو	۶۰,۰۰۰,۰۰۰	۴۳۲,۰۰۰,۰۰۰,۰۰۰	۲۱,۶۰۰,۰۰۰,۰۰۰
۲۹۳	E۳۳	۱۳۲۱۸	اقامتی-تفریحی- گردشگری	محدوده برکه خلف تا ریگو	۵۰,۰۰۰,۰۰۰	۶۶۰,۹۰۰,۰۰۰,۰۰۰	۳۳,۰۴۵,۰۰۰,۰۰۰
۲۹۴	E۳۴	۷۸۳۴	اقامتی-تفریحی- گردشگری	محدوده برکه خلف تا ریگو	۶۰,۰۰۰,۰۰۰	۴۷۰,۰۴۰,۰۰۰,۰۰۰	۲۳,۵۰۲,۰۰۰,۰۰۰
۲۹۵	E۳۵	۷۲۰۰	اقامتی-تفریحی- گردشگری	محدوده برکه خلف تا ریگو	۶۰,۰۰۰,۰۰۰	۴۳۲,۰۰۰,۰۰۰,۰۰۰	۲۱,۶۰۰,۰۰۰,۰۰۰
۲۹۶	E۳۶	۷۲۰۰	اقامتی-تفریحی- گردشگری	محدوده برکه خلف تا ریگو	۶۰,۰۰۰,۰۰۰	۴۳۲,۰۰۰,۰۰۰,۰۰۰	۲۱,۶۰۰,۰۰۰,۰۰۰
